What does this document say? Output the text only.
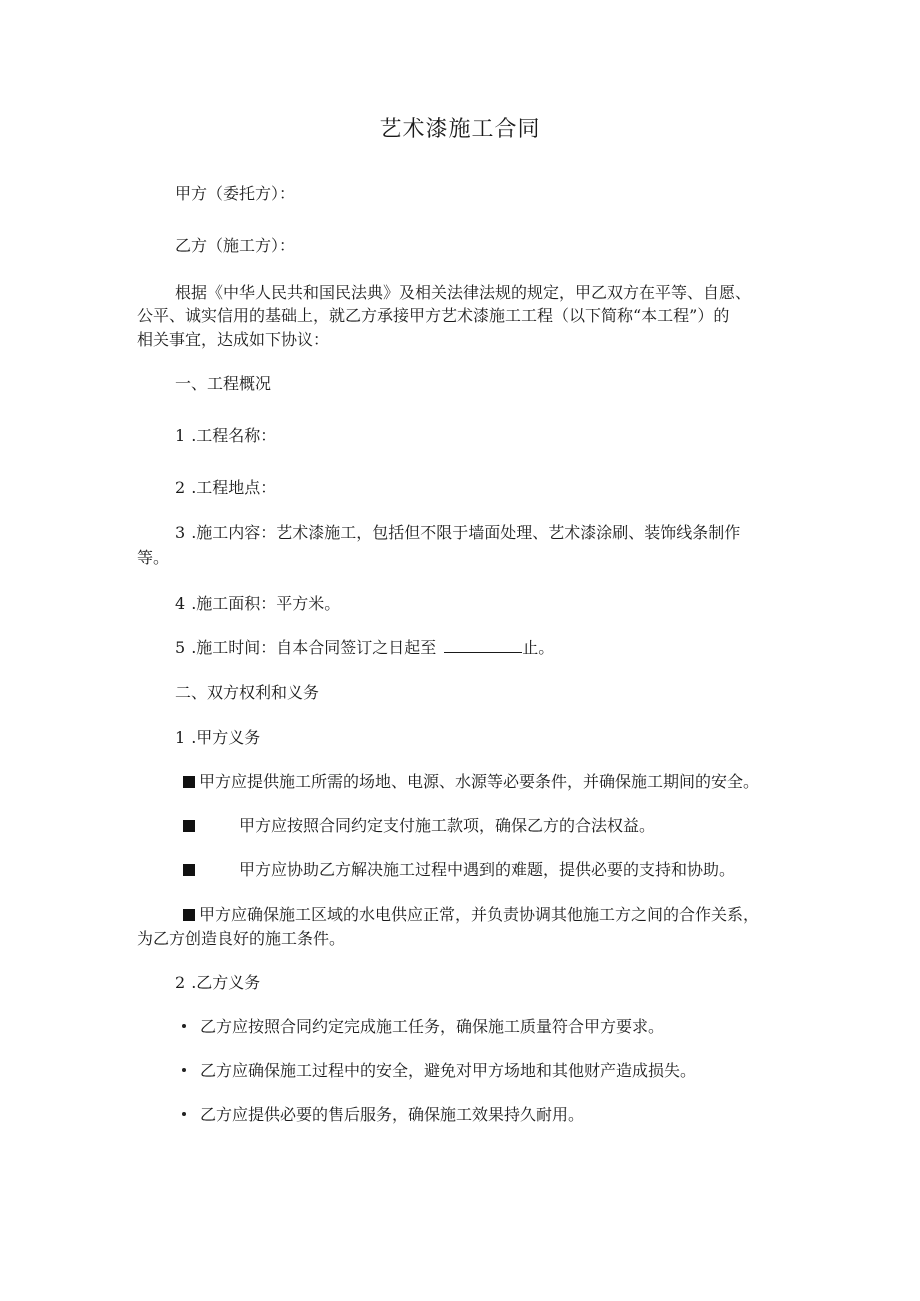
艺术漆施工合同
甲方（委托方）：
乙方（施工方）：
根据《中华人民共和国民法典》及相关法律法规的规定，甲乙双方在平等、自愿、
公平、诚实信用的基础上，就乙方承接甲方艺术漆施工工程（以下简称“本工程”）的
相关事宜，达成如下协议：
一、工程概况
1 .工程名称：
2 .工程地点：
3 .施工内容：艺术漆施工，包括但不限于墙面处理、艺术漆涂刷、装饰线条制作
等。
4 .施工面积：平方米。
5 .施工时间：自本合同签订之日起至	止。
二、双方权利和义务
1 .甲方义务
甲方应提供施工所需的场地、电源、水源等必要条件，并确保施工期间的安全。
甲方应按照合同约定支付施工款项，确保乙方的合法权益。
甲方应协助乙方解决施工过程中遇到的难题，提供必要的支持和协助。
甲方应确保施工区域的水电供应正常，并负责协调其他施工方之间的合作关系，
为乙方创造良好的施工条件。
2 .乙方义务
乙方应按照合同约定完成施工任务，确保施工质量符合甲方要求。
乙方应确保施工过程中的安全，避免对甲方场地和其他财产造成损失。
乙方应提供必要的售后服务，确保施工效果持久耐用。
